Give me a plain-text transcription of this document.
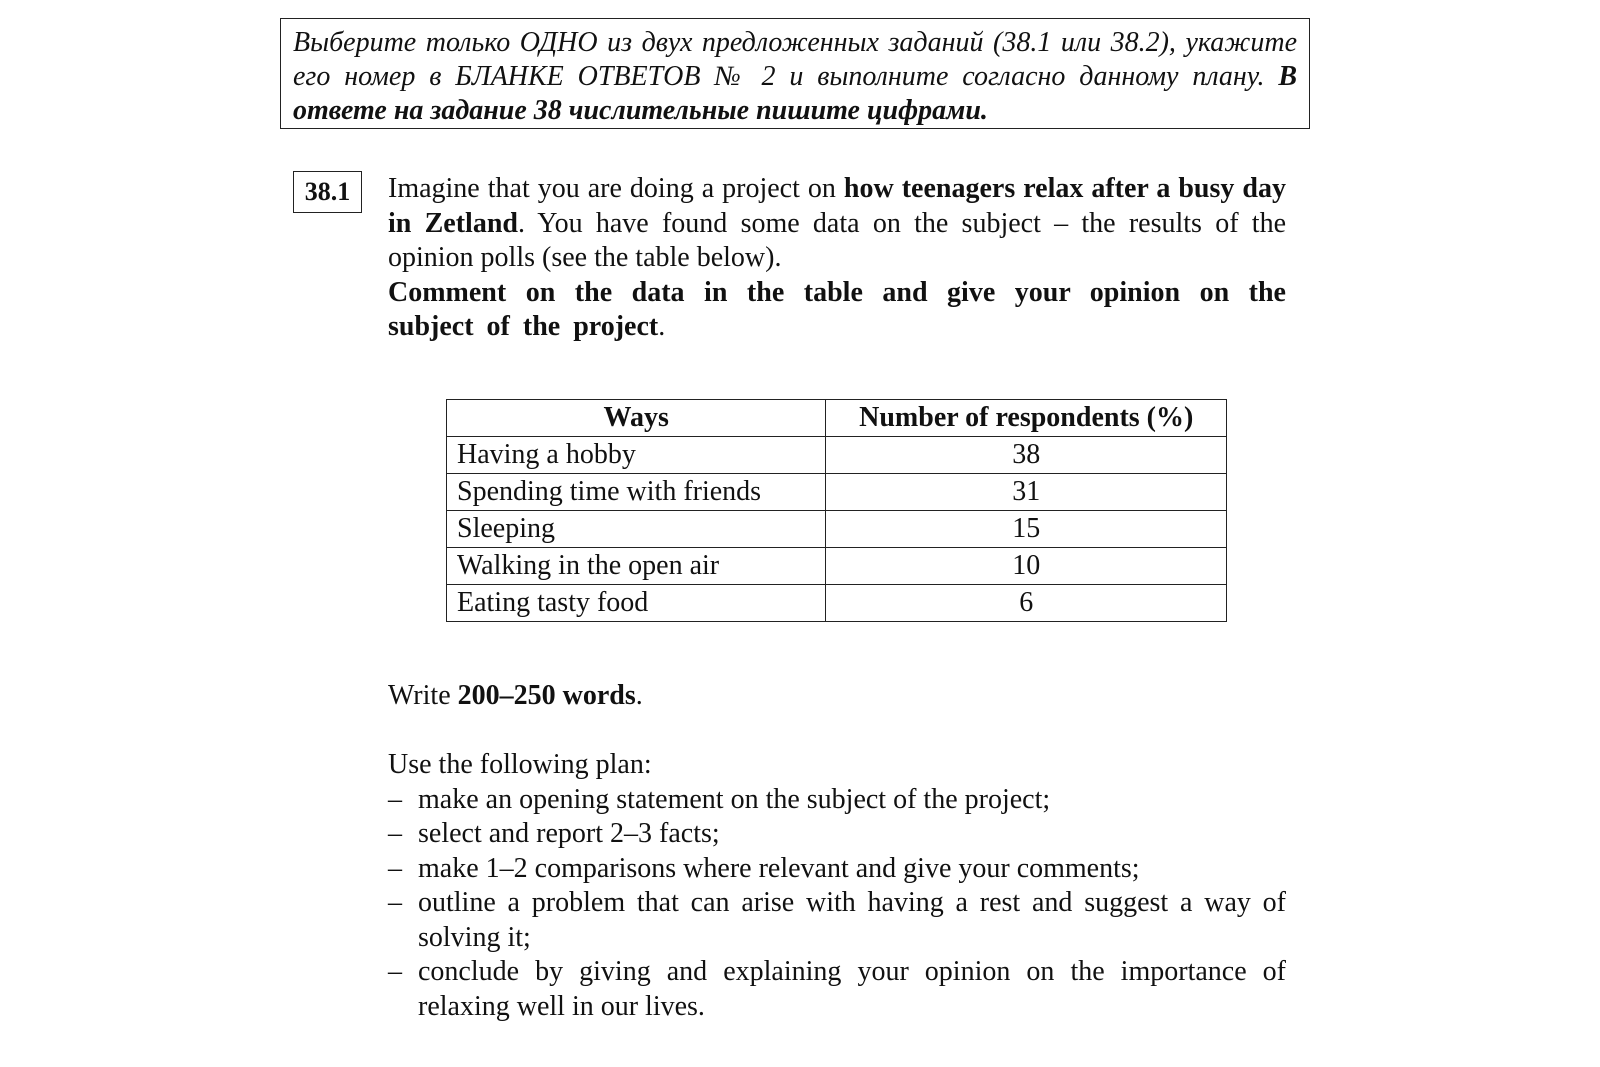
Выберите только ОДНО из двух предложенных заданий (38.1 или 38.2), укажите его номер в БЛАНКЕ ОТВЕТОВ № 2 и выполните согласно данному плану. В ответе на задание 38 числительные пишите цифрами.
38.1	Imagine that you are doing a project on how teenagers relax after a busy day in Zetland. You have found some data on the subject – the results of the opinion polls (see the table below).

Comment on the data in the table and give your opinion on the subject of the project.

Ways	Number of respondents (%)
Having a hobby	38
Spending time with friends	31
Sleeping	15
Walking in the open air	10
Eating tasty food	6
Write 200–250 words.

Use the following plan:

– make an opening statement on the subject of the project;
– select and report 2–3 facts;
– make 1–2 comparisons where relevant and give your comments;
– outline a problem that can arise with having a rest and suggest a way of solving it;
– conclude by giving and explaining your opinion on the importance of relaxing well in our lives.
